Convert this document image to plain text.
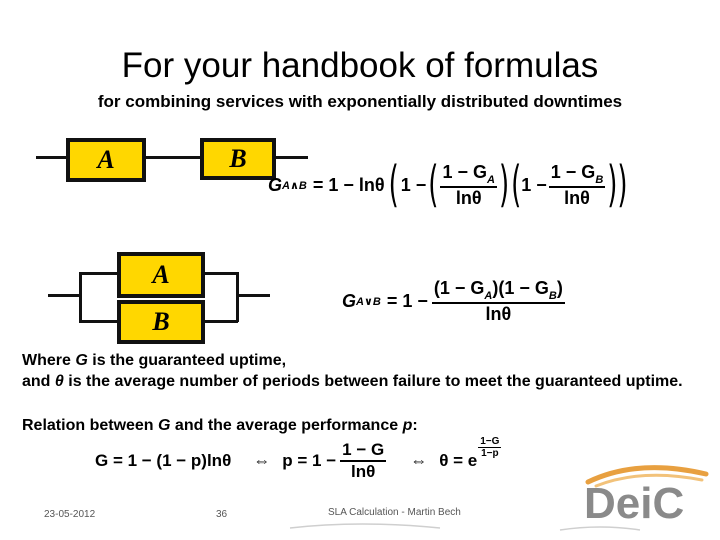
For your handbook of formulas
for combining services with exponentially distributed downtimes
A	B
A
B
G A∧B = 1 − lnθ ( 1 − ( $\frac{1 - G_A}{\ln\theta}$ ) ( $1 - \frac{1 - G_B}{\ln\theta}$ ) )
G A∨B = $1 - \frac{(1 - G_A)(1 - G_B)}{\ln\theta}$
Where G is the guaranteed uptime,
and θ is the average number of periods between failure to meet the guaranteed uptime.
Relation between G and the average performance p:
G = 1 − (1 − p)lnθ ⇔ $p = 1 - \frac{1 - G}{\ln\theta}$ ⇔ θ = e
$\frac{1-G}{1-p}$
23-05-2012	36	SLA Calculation - Martin Bech	DeiC
